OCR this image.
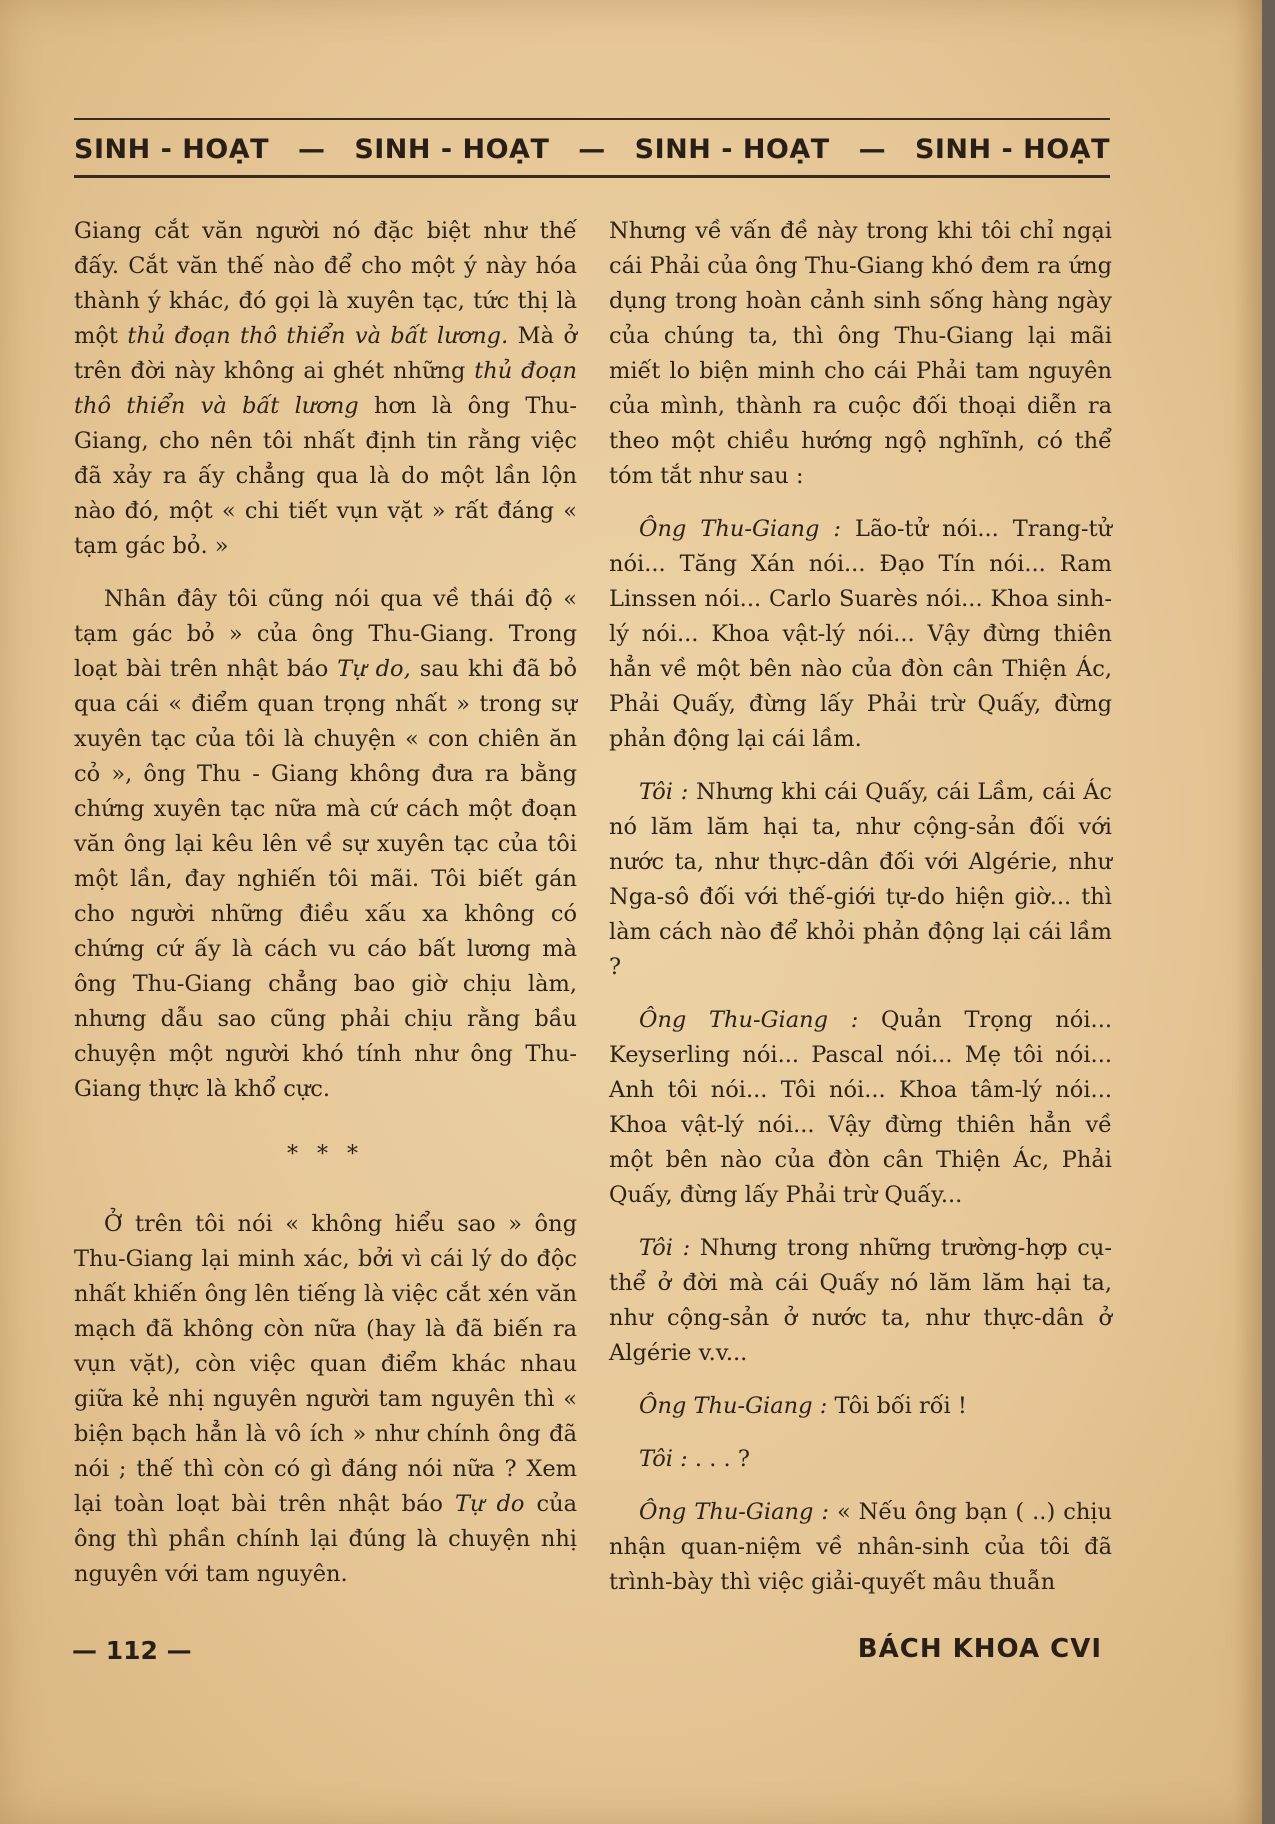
SINH - HOẠT	—	SINH - HOẠT	—	SINH - HOẠT	—	SINH - HOẠT

Giang cắt văn người nó đặc biệt như thế đấy. Cắt văn thế nào để cho một ý này hóa thành ý khác, đó gọi là xuyên tạc, tức thị là một thủ đoạn thô thiển và bất lương. Mà ở trên đời này không ai ghét những thủ đoạn thô thiển và bất lương hơn là ông Thu-Giang, cho nên tôi nhất định tin rằng việc đã xảy ra ấy chẳng qua là do một lần lộn nào đó, một « chi tiết vụn vặt » rất đáng « tạm gác bỏ. »

Nhân đây tôi cũng nói qua về thái độ « tạm gác bỏ » của ông Thu-Giang. Trong loạt bài trên nhật báo Tự do, sau khi đã bỏ qua cái « điểm quan trọng nhất » trong sự xuyên tạc của tôi là chuyện « con chiên ăn cỏ », ông Thu - Giang không đưa ra bằng chứng xuyên tạc nữa mà cứ cách một đoạn văn ông lại kêu lên về sự xuyên tạc của tôi một lần, đay nghiến tôi mãi. Tôi biết gán cho người những điều xấu xa không có chứng cứ ấy là cách vu cáo bất lương mà ông Thu-Giang chẳng bao giờ chịu làm, nhưng dẫu sao cũng phải chịu rằng bầu chuyện một người khó tính như ông Thu-Giang thực là khổ cực.

* * *

Ở trên tôi nói « không hiểu sao » ông Thu-Giang lại minh xác, bởi vì cái lý do độc nhất khiến ông lên tiếng là việc cắt xén văn mạch đã không còn nữa (hay là đã biến ra vụn vặt), còn việc quan điểm khác nhau giữa kẻ nhị nguyên người tam nguyên thì « biện bạch hẳn là vô ích » như chính ông đã nói ; thế thì còn có gì đáng nói nữa ? Xem lại toàn loạt bài trên nhật báo Tự do của ông thì phần chính lại đúng là chuyện nhị nguyên với tam nguyên.

Nhưng về vấn đề này trong khi tôi chỉ ngại cái Phải của ông Thu-Giang khó đem ra ứng dụng trong hoàn cảnh sinh sống hàng ngày của chúng ta, thì ông Thu-Giang lại mãi miết lo biện minh cho cái Phải tam nguyên của mình, thành ra cuộc đối thoại diễn ra theo một chiều hướng ngộ nghĩnh, có thể tóm tắt như sau :

Ông Thu-Giang : Lão-tử nói... Trang-tử nói... Tăng Xán nói... Đạo Tín nói... Ram Linssen nói... Carlo Suarès nói... Khoa sinh-lý nói... Khoa vật-lý nói... Vậy đừng thiên hẳn về một bên nào của đòn cân Thiện Ác, Phải Quấy, đừng lấy Phải trừ Quấy, đừng phản động lại cái lầm.

Tôi : Nhưng khi cái Quấy, cái Lầm, cái Ác nó lăm lăm hại ta, như cộng-sản đối với nước ta, như thực-dân đối với Algérie, như Nga-sô đối với thế-giới tự-do hiện giờ... thì làm cách nào để khỏi phản động lại cái lầm ?

Ông Thu-Giang : Quản Trọng nói... Keyserling nói... Pascal nói... Mẹ tôi nói... Anh tôi nói... Tôi nói... Khoa tâm-lý nói... Khoa vật-lý nói... Vậy đừng thiên hẳn về một bên nào của đòn cân Thiện Ác, Phải Quấy, đừng lấy Phải trừ Quấy...

Tôi : Nhưng trong những trường-hợp cụ-thể ở đời mà cái Quấy nó lăm lăm hại ta, như cộng-sản ở nước ta, như thực-dân ở Algérie v.v...

Ông Thu-Giang : Tôi bối rối !

Tôi : . . . ?

Ông Thu-Giang : « Nếu ông bạn ( ..) chịu nhận quan-niệm về nhân-sinh của tôi đã trình-bày thì việc giải-quyết mâu thuẫn

— 112 —	BÁCH KHOA CVI
